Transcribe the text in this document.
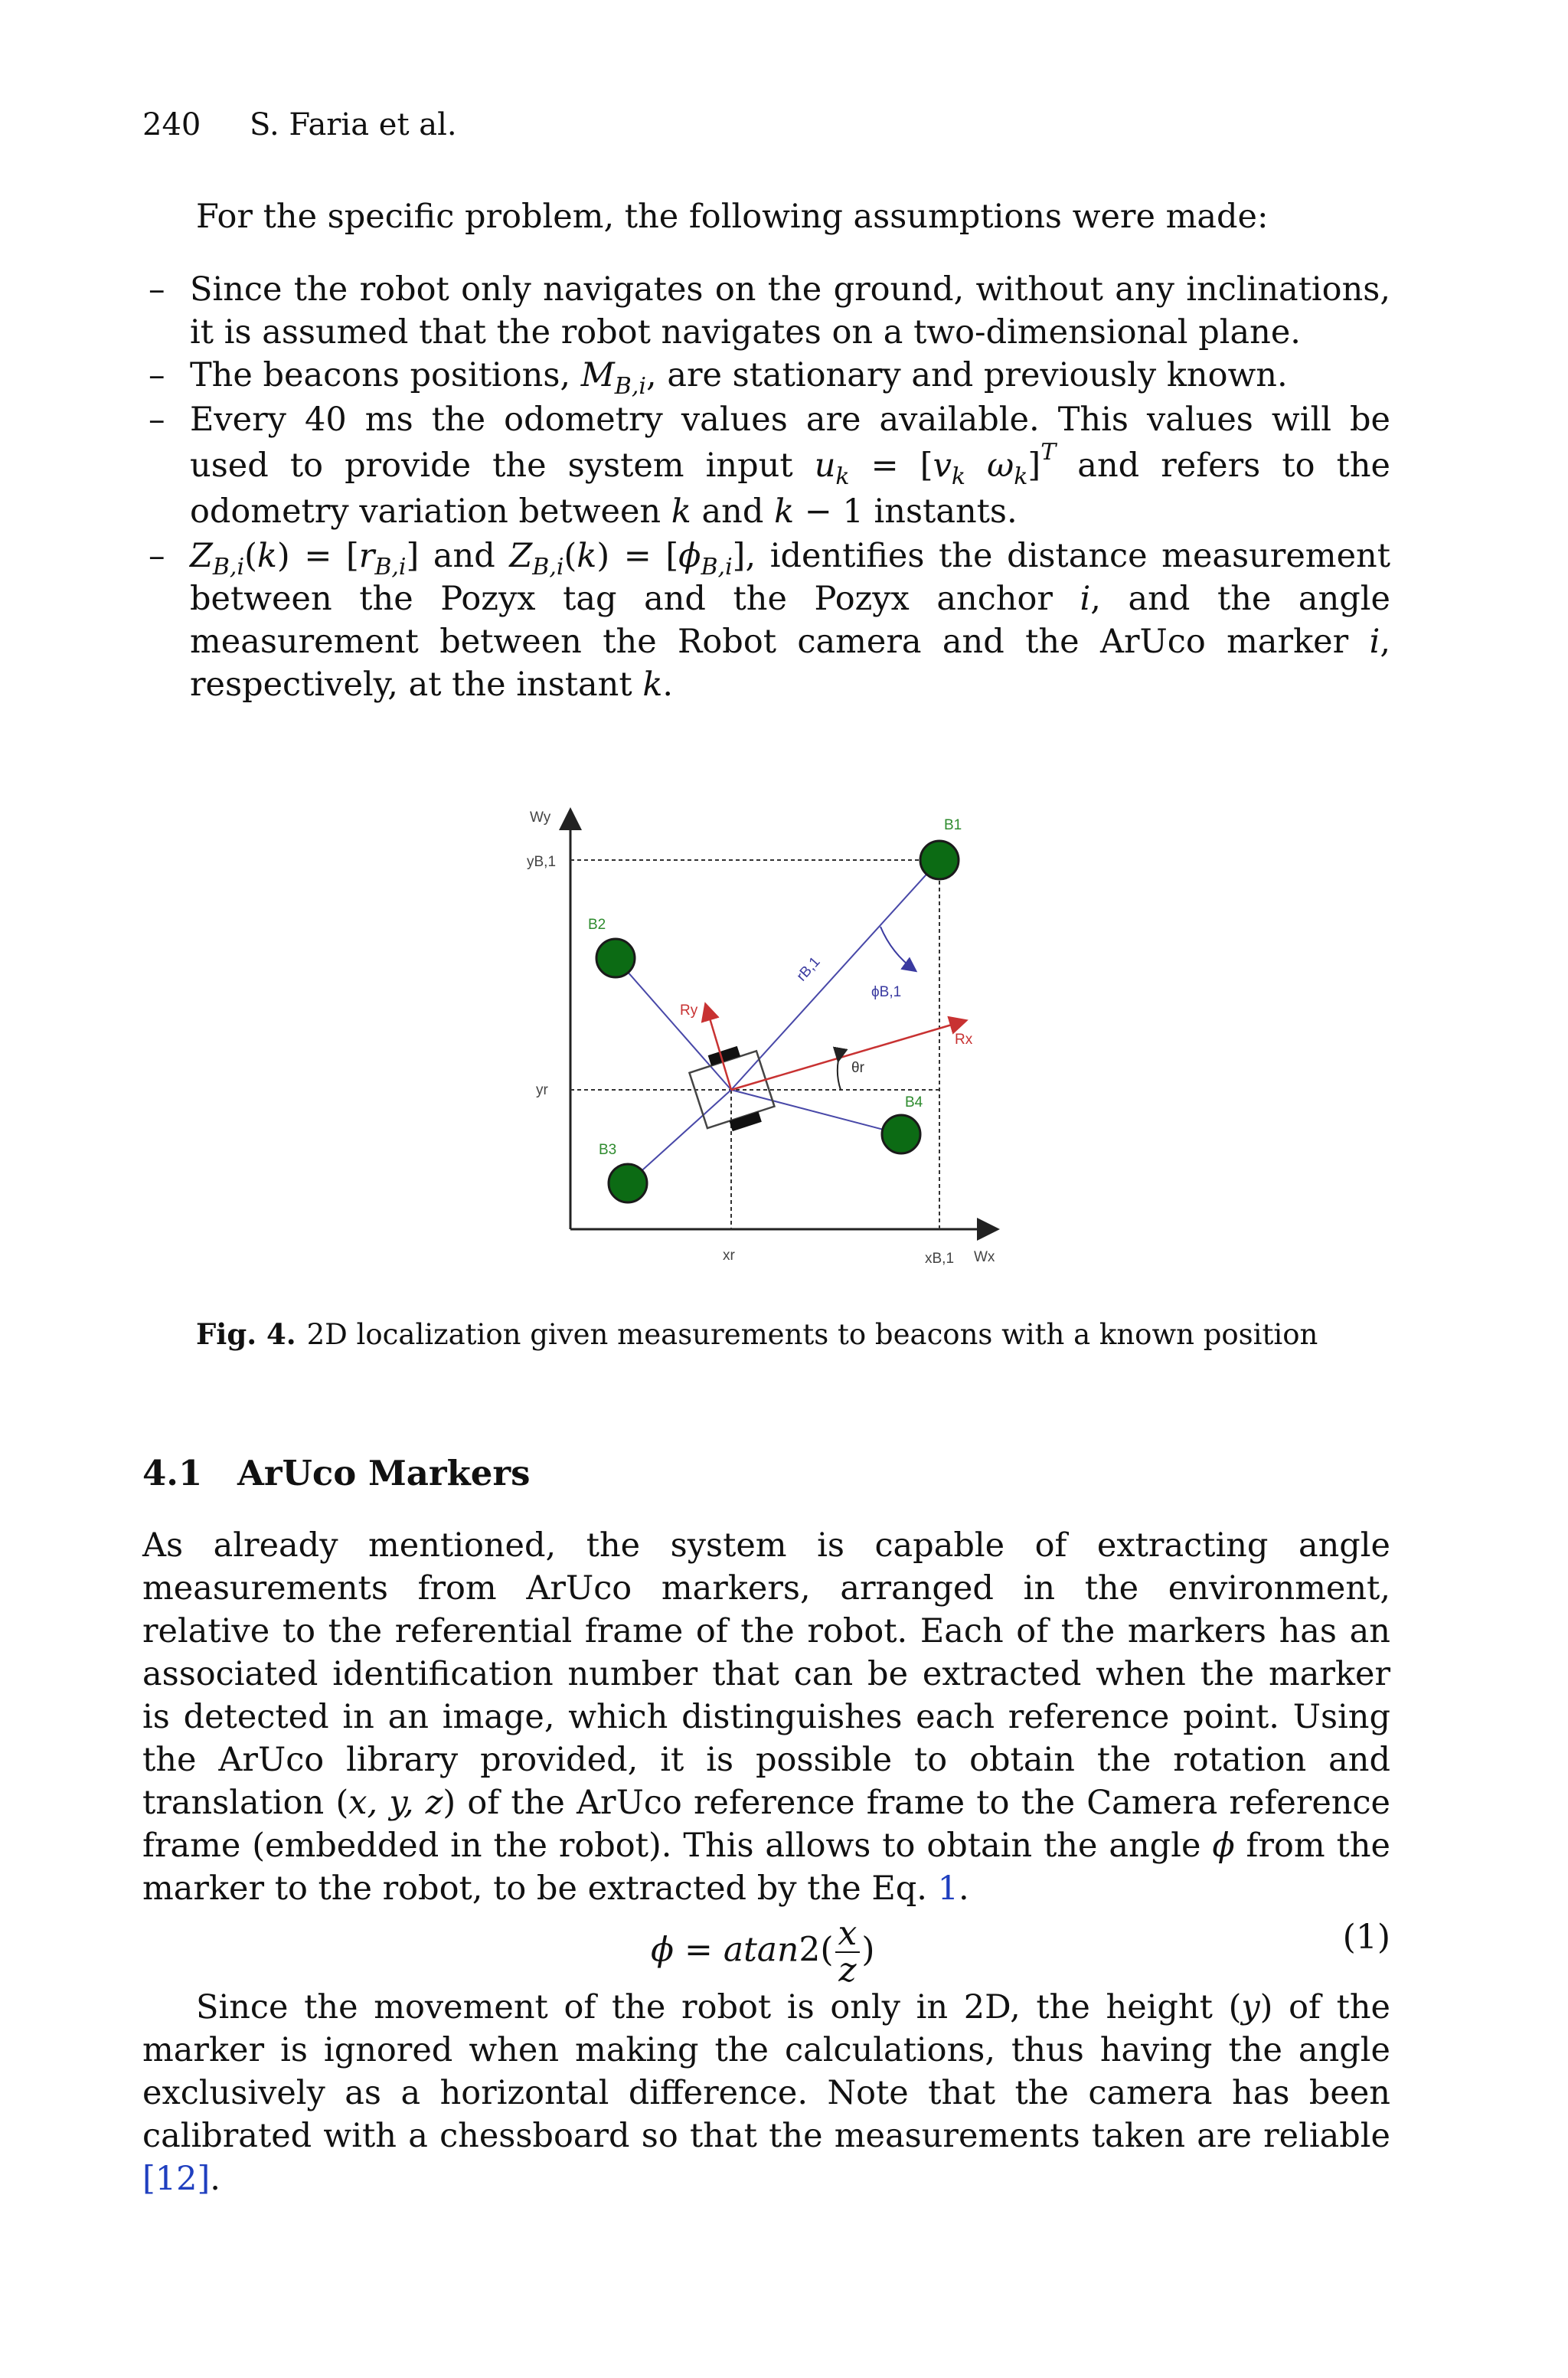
240 S. Faria et al.
For the specific problem, the following assumptions were made:
– Since the robot only navigates on the ground, without any inclinations, it is assumed that the robot navigates on a two-dimensional plane.
– The beacons positions, $M_{B,i}$, are stationary and previously known.
– Every 40 ms the odometry values are available. This values will be used to provide the system input $u_k = [v_k$ $\omega_k]^T$ and refers to the odometry variation between k and k − 1 instants.
– $Z_{B,i}(k) = [r_{B,i}]$ and $Z_{B,i}(k) = [\phi_{B,i}]$, identifies the distance measurement between the Pozyx tag and the Pozyx anchor i, and the angle measurement between the Robot camera and the ArUco marker i, respectively, at the instant k.
Wy
yB,1
yr
xr	xB,1 Wx
B1
B2
B3
B4
rB,1
ϕB,1
θr
Rx
Ry
Fig. 4. 2D localization given measurements to beacons with a known position
4.1 ArUco Markers
As already mentioned, the system is capable of extracting angle measurements from ArUco markers, arranged in the environment, relative to the referential frame of the robot. Each of the markers has an associated identification number that can be extracted when the marker is detected in an image, which distinguishes each reference point. Using the ArUco library provided, it is possible to obtain the rotation and translation (x, y, z) of the ArUco reference frame to the Camera reference frame (embedded in the robot). This allows to obtain the angle ϕ from the marker to the robot, to be extracted by the Eq. 1.
$\phi = atan2( \frac{x}{z}$ )	(1)
Since the movement of the robot is only in 2D, the height (y) of the marker is ignored when making the calculations, thus having the angle exclusively as a horizontal difference. Note that the camera has been calibrated with a chessboard so that the measurements taken are reliable [12].
